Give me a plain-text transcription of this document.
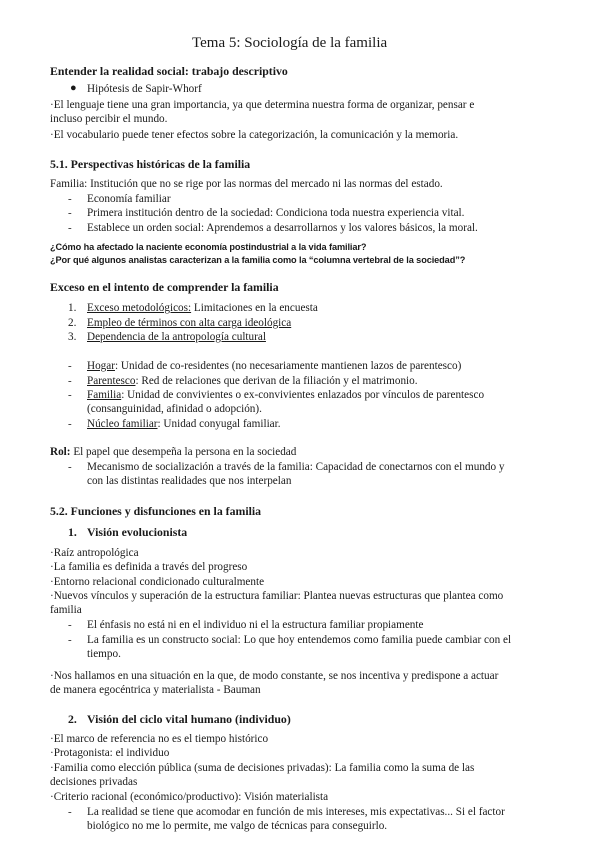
Tema 5: Sociología de la familia
Entender la realidad social: trabajo descriptivo
● Hipótesis de Sapir-Whorf
·El lenguaje tiene una gran importancia, ya que determina nuestra forma de organizar, pensar e
incluso percibir el mundo.
·El vocabulario puede tener efectos sobre la categorización, la comunicación y la memoria.
5.1. Perspectivas históricas de la familia
Familia: Institución que no se rige por las normas del mercado ni las normas del estado.
- Economía familiar
- Primera institución dentro de la sociedad: Condiciona toda nuestra experiencia vital.
- Establece un orden social: Aprendemos a desarrollarnos y los valores básicos, la moral.
¿Cómo ha afectado la naciente economía postindustrial a la vida familiar?
¿Por qué algunos analistas caracterizan a la familia como la “columna vertebral de la sociedad”?
Exceso en el intento de comprender la familia
1. Exceso metodológicos: Limitaciones en la encuesta
2. Empleo de términos con alta carga ideológica
3. Dependencia de la antropología cultural
- Hogar: Unidad de co-residentes (no necesariamente mantienen lazos de parentesco)
- Parentesco: Red de relaciones que derivan de la filiación y el matrimonio.
- Familia: Unidad de convivientes o ex-convivientes enlazados por vínculos de parentesco
(consanguinidad, afinidad o adopción).
- Núcleo familiar: Unidad conyugal familiar.
Rol: El papel que desempeña la persona en la sociedad
- Mecanismo de socialización a través de la familia: Capacidad de conectarnos con el mundo y
con las distintas realidades que nos interpelan
5.2. Funciones y disfunciones en la familia
1. Visión evolucionista
·Raíz antropológica
·La familia es definida a través del progreso
·Entorno relacional condicionado culturalmente
·Nuevos vínculos y superación de la estructura familiar: Plantea nuevas estructuras que plantea como
familia
- El énfasis no está ni en el individuo ni el la estructura familiar propiamente
- La familia es un constructo social: Lo que hoy entendemos como familia puede cambiar con el
tiempo.
·Nos hallamos en una situación en la que, de modo constante, se nos incentiva y predispone a actuar
de manera egocéntrica y materialista - Bauman
2. Visión del ciclo vital humano (individuo)
·El marco de referencia no es el tiempo histórico
·Protagonista: el individuo
·Familia como elección pública (suma de decisiones privadas): La familia como la suma de las
decisiones privadas
·Criterio racional (económico/productivo): Visión materialista
- La realidad se tiene que acomodar en función de mis intereses, mis expectativas... Si el factor
biológico no me lo permite, me valgo de técnicas para conseguirlo.
